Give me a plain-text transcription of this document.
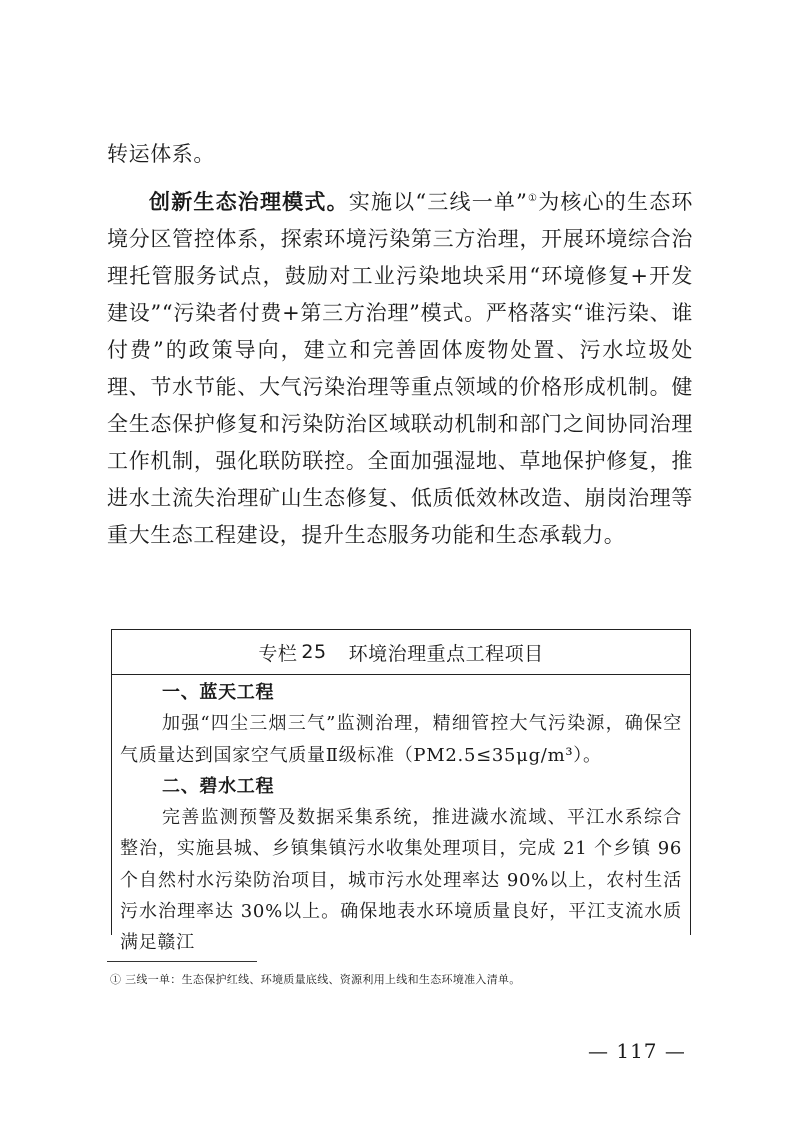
转运体系。

创新生态治理模式。实施以“三线一单”①为核心的生态环境分区管控体系，探索环境污染第三方治理，开展环境综合治理托管服务试点，鼓励对工业污染地块采用“环境修复+开发建设”“污染者付费+第三方治理”模式。严格落实“谁污染、谁付费”的政策导向，建立和完善固体废物处置、污水垃圾处理、节水节能、大气污染治理等重点领域的价格形成机制。健全生态保护修复和污染防治区域联动机制和部门之间协同治理工作机制，强化联防联控。全面加强湿地、草地保护修复，推进水土流失治理矿山生态修复、低质低效林改造、崩岗治理等重大生态工程建设，提升生态服务功能和生态承载力。

专栏 25 环境治理重点工程项目
一、蓝天工程

加强“四尘三烟三气”监测治理，精细管控大气污染源，确保空气质量达到国家空气质量Ⅱ级标准（PM2.5≤35μg/m³）。

二、碧水工程

完善监测预警及数据采集系统，推进濊水流域、平江水系综合整治，实施县城、乡镇集镇污水收集处理项目，完成 21 个乡镇 96 个自然村水污染防治项目，城市污水处理率达 90%以上，农村生活污水治理率达 30%以上。确保地表水环境质量良好，平江支流水质满足赣江

① 三线一单：生态保护红线、环境质量底线、资源利用上线和生态环境准入清单。
— 117 —
